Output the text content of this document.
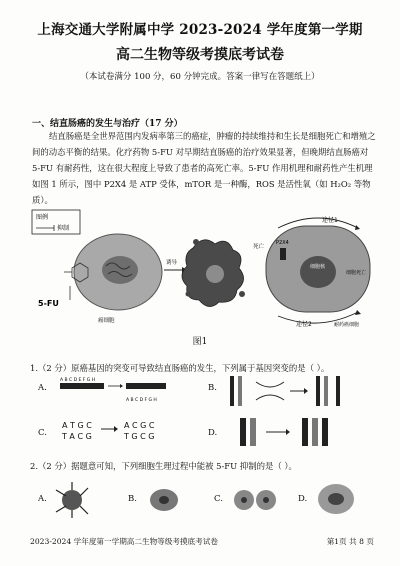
上海交通大学附属中学 2023-2024 学年度第一学期
高二生物等级考摸底考试卷
（本试卷满分 100 分，60 分钟完成。答案一律写在答题纸上）
一、结直肠癌的发生与治疗（17 分）
结直肠癌是全世界范围内发病率第三的癌症，肿瘤的持续维持和生长是细胞死亡和增殖之间的动态平衡的结果。化疗药物 5-FU 对早期结直肠癌的治疗效果显著，但晚期结直肠癌对 5-FU 有耐药性，这在很大程度上导致了患者的高死亡率。5-FU 作用机理和耐药性产生机理如图 1 所示，图中 P2X4 是 ATP 受体，mTOR 是一种酶，ROS 是活性氧（如 H₂O₂ 等物质）。
图例
抑制
癌细胞
5-FU
诱导
死亡
细胞核
P2X4
途径1
途径2
细胞死亡
耐药癌细胞
图1
1.（2 分）原癌基因的突变可导致结直肠癌的发生，下列属于基因突变的是（ ）。
A.
A B C D E F G H
A B C D F G H
B.
C.
A T G C
T A C G
A C G C
T G C G	D.
2.（2 分）据题意可知，下列细胞生理过程中能被 5-FU 抑制的是（ ）。
A.	B.	C.	D.
2023-2024 学年度第一学期高二生物等级考摸底考试卷	第1页 共 8 页
